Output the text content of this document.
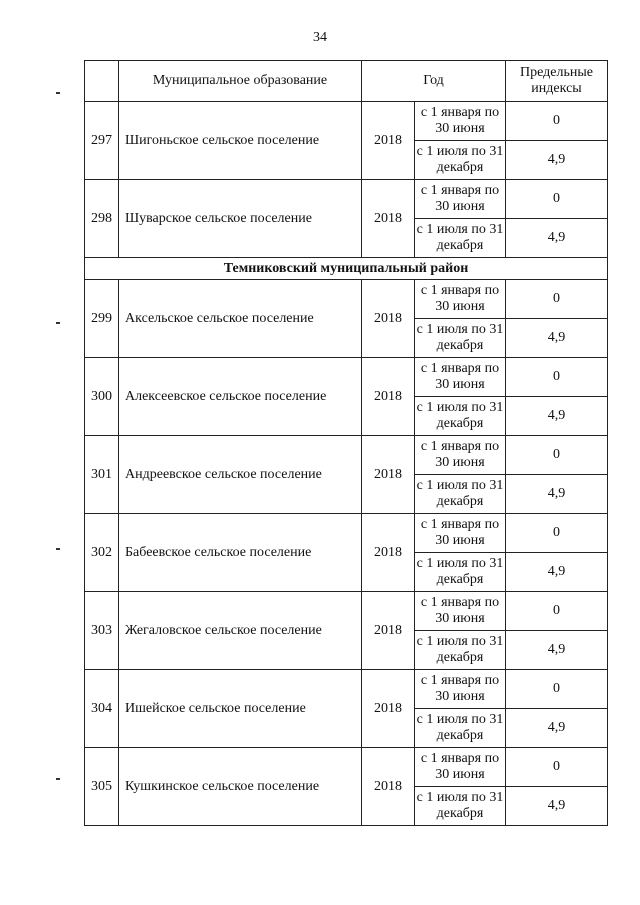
34
	Муниципальное образование	Год		Предельные индексы
297	Шигоньское сельское поселение	2018	с 1 января по 30 июня	0
			с 1 июля по 31 декабря	4,9
298	Шуварское сельское поселение	2018	с 1 января по 30 июня	0
			с 1 июля по 31 декабря	4,9
Темниковский муниципальный район				
299	Аксельское сельское поселение	2018	с 1 января по 30 июня	0
			с 1 июля по 31 декабря	4,9
300	Алексеевское сельское поселение	2018	с 1 января по 30 июня	0
			с 1 июля по 31 декабря	4,9
301	Андреевское сельское поселение	2018	с 1 января по 30 июня	0
			с 1 июля по 31 декабря	4,9
302	Бабеевское сельское поселение	2018	с 1 января по 30 июня	0
			с 1 июля по 31 декабря	4,9
303	Жегаловское сельское поселение	2018	с 1 января по 30 июня	0
			с 1 июля по 31 декабря	4,9
304	Ишейское сельское поселение	2018	с 1 января по 30 июня	0
			с 1 июля по 31 декабря	4,9
305	Кушкинское сельское поселение	2018	с 1 января по 30 июня	0
			с 1 июля по 31 декабря	4,9
